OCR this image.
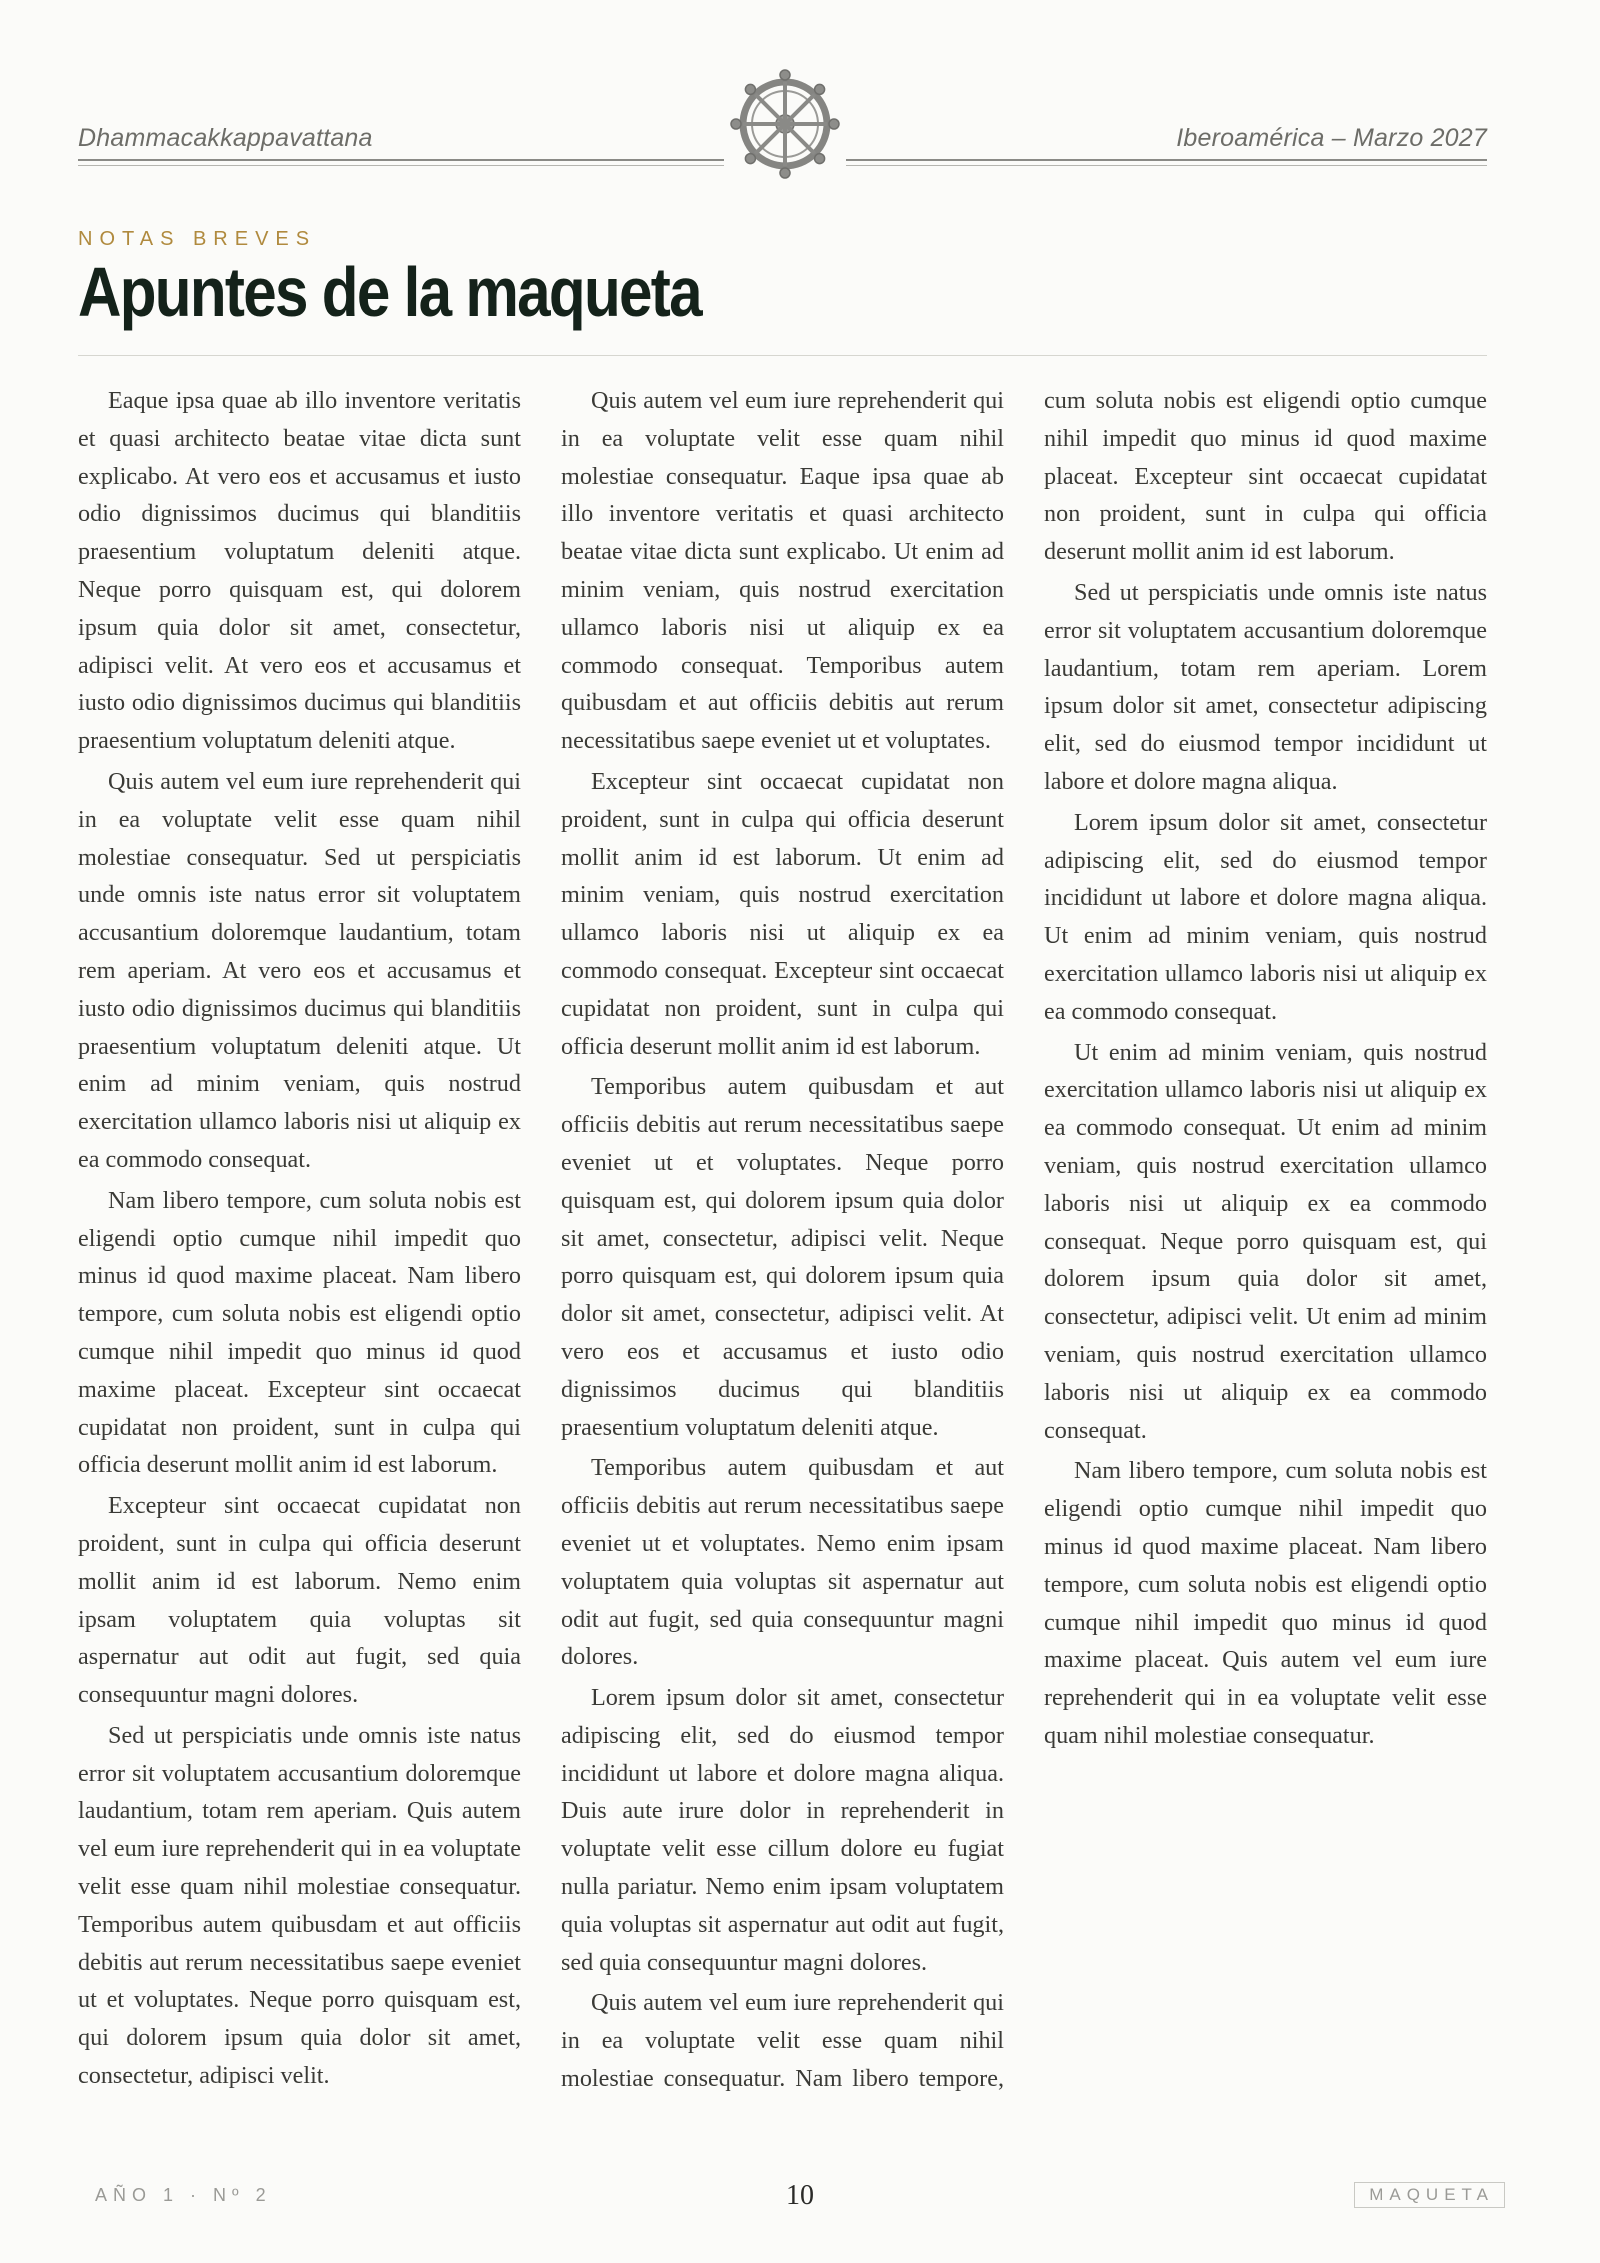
Dhammacakkappavattana	Iberoamérica – Marzo 2027
NOTAS BREVES
Apuntes de la maqueta

Eaque ipsa quae ab illo inventore veritatis et quasi architecto beatae vitae dicta sunt explicabo. At vero eos et accusamus et iusto odio dignissimos ducimus qui blanditiis praesentium voluptatum deleniti atque. Neque porro quisquam est, qui dolorem ipsum quia dolor sit amet, consectetur, adipisci velit. At vero eos et accusamus et iusto odio dignissimos ducimus qui blanditiis praesentium voluptatum deleniti atque.

Quis autem vel eum iure reprehenderit qui in ea voluptate velit esse quam nihil molestiae consequatur. Sed ut perspiciatis unde omnis iste natus error sit voluptatem accusantium doloremque laudantium, totam rem aperiam. At vero eos et accusamus et iusto odio dignissimos ducimus qui blanditiis praesentium voluptatum deleniti atque. Ut enim ad minim veniam, quis nostrud exercitation ullamco laboris nisi ut aliquip ex ea commodo consequat.

Nam libero tempore, cum soluta nobis est eligendi optio cumque nihil impedit quo minus id quod maxime placeat. Nam libero tempore, cum soluta nobis est eligendi optio cumque nihil impedit quo minus id quod maxime placeat. Excepteur sint occaecat cupidatat non proident, sunt in culpa qui officia deserunt mollit anim id est laborum.

Excepteur sint occaecat cupidatat non proident, sunt in culpa qui officia deserunt mollit anim id est laborum. Nemo enim ipsam voluptatem quia voluptas sit aspernatur aut odit aut fugit, sed quia consequuntur magni dolores.

Sed ut perspiciatis unde omnis iste natus error sit voluptatem accusantium doloremque laudantium, totam rem aperiam. Quis autem vel eum iure reprehenderit qui in ea voluptate velit esse quam nihil molestiae consequatur. Temporibus autem quibusdam et aut officiis debitis aut rerum necessitatibus saepe eveniet ut et voluptates. Neque porro quisquam est, qui dolorem ipsum quia dolor sit amet, consectetur, adipisci velit.

Quis autem vel eum iure reprehenderit qui in ea voluptate velit esse quam nihil molestiae consequatur. Eaque ipsa quae ab illo inventore veritatis et quasi architecto beatae vitae dicta sunt explicabo. Ut enim ad minim veniam, quis nostrud exercitation ullamco laboris nisi ut aliquip ex ea commodo consequat. Temporibus autem quibusdam et aut officiis debitis aut rerum necessitatibus saepe eveniet ut et voluptates.

Excepteur sint occaecat cupidatat non proident, sunt in culpa qui officia deserunt mollit anim id est laborum. Ut enim ad minim veniam, quis nostrud exercitation ullamco laboris nisi ut aliquip ex ea commodo consequat. Excepteur sint occaecat cupidatat non proident, sunt in culpa qui officia deserunt mollit anim id est laborum.

Temporibus autem quibusdam et aut officiis debitis aut rerum necessitatibus saepe eveniet ut et voluptates. Neque porro quisquam est, qui dolorem ipsum quia dolor sit amet, consectetur, adipisci velit. Neque porro quisquam est, qui dolorem ipsum quia dolor sit amet, consectetur, adipisci velit. At vero eos et accusamus et iusto odio dignissimos ducimus qui blanditiis praesentium voluptatum deleniti atque.

Temporibus autem quibusdam et aut officiis debitis aut rerum necessitatibus saepe eveniet ut et voluptates. Nemo enim ipsam voluptatem quia voluptas sit aspernatur aut odit aut fugit, sed quia consequuntur magni dolores.

Lorem ipsum dolor sit amet, consectetur adipiscing elit, sed do eiusmod tempor incididunt ut labore et dolore magna aliqua. Duis aute irure dolor in reprehenderit in voluptate velit esse cillum dolore eu fugiat nulla pariatur. Nemo enim ipsam voluptatem quia voluptas sit aspernatur aut odit aut fugit, sed quia consequuntur magni dolores.

Quis autem vel eum iure reprehenderit qui in ea voluptate velit esse quam nihil molestiae consequatur. Nam libero tempore, cum soluta nobis est eligendi optio cumque nihil impedit quo minus id quod maxime placeat. Excepteur sint occaecat cupidatat non proident, sunt in culpa qui officia deserunt mollit anim id est laborum.

Sed ut perspiciatis unde omnis iste natus error sit voluptatem accusantium doloremque laudantium, totam rem aperiam. Lorem ipsum dolor sit amet, consectetur adipiscing elit, sed do eiusmod tempor incididunt ut labore et dolore magna aliqua.

Lorem ipsum dolor sit amet, consectetur adipiscing elit, sed do eiusmod tempor incididunt ut labore et dolore magna aliqua. Ut enim ad minim veniam, quis nostrud exercitation ullamco laboris nisi ut aliquip ex ea commodo consequat.

Ut enim ad minim veniam, quis nostrud exercitation ullamco laboris nisi ut aliquip ex ea commodo consequat. Ut enim ad minim veniam, quis nostrud exercitation ullamco laboris nisi ut aliquip ex ea commodo consequat. Neque porro quisquam est, qui dolorem ipsum quia dolor sit amet, consectetur, adipisci velit. Ut enim ad minim veniam, quis nostrud exercitation ullamco laboris nisi ut aliquip ex ea commodo consequat.

Nam libero tempore, cum soluta nobis est eligendi optio cumque nihil impedit quo minus id quod maxime placeat. Nam libero tempore, cum soluta nobis est eligendi optio cumque nihil impedit quo minus id quod maxime placeat. Quis autem vel eum iure reprehenderit qui in ea voluptate velit esse quam nihil molestiae consequatur.

AÑO 1 · Nº 2	10	MAQUETA
